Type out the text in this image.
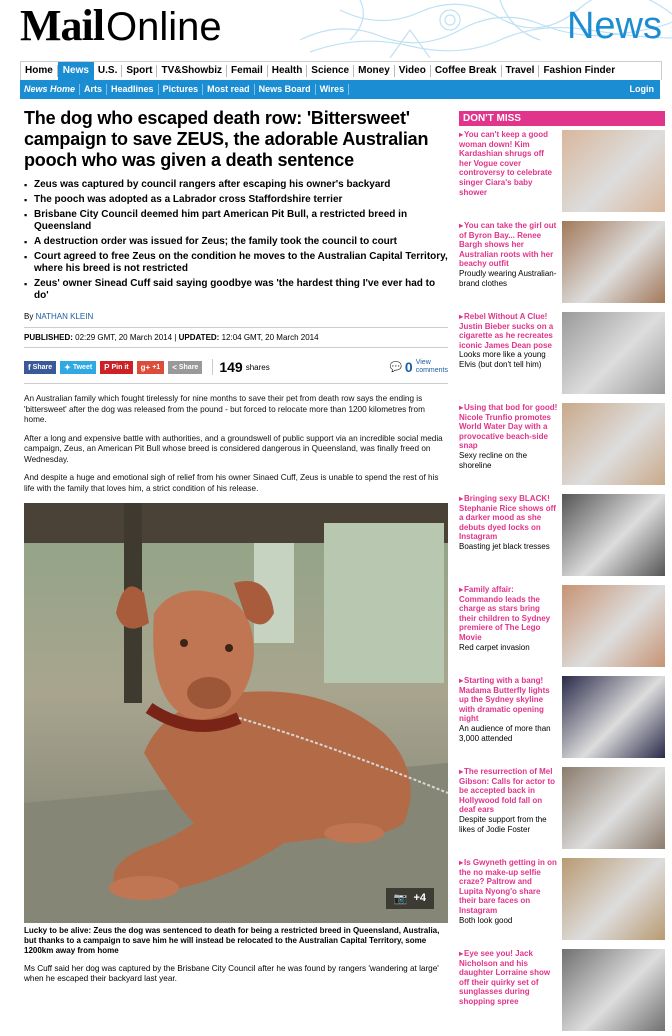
MailOnline	News
Home	News U.S. Sport TV&Showbiz Femail Health Science Money Video Coffee Break Travel Fashion Finder
News Home	Arts	Headlines	Pictures	Most read	News Board	Wires	Login
The dog who escaped death row: 'Bittersweet' campaign to save ZEUS, the adorable Australian pooch who was given a death sentence
▪ Zeus was captured by council rangers after escaping his owner's backyard
▪ The pooch was adopted as a Labrador cross Staffordshire terrier
▪ Brisbane City Council deemed him part American Pit Bull, a restricted breed in Queensland
▪ A destruction order was issued for Zeus; the family took the council to court
▪ Court agreed to free Zeus on the condition he moves to the Australian Capital Territory, where his breed is not restricted
▪ Zeus' owner Sinead Cuff said saying goodbye was 'the hardest thing I've ever had to do'
By NATHAN KLEIN
PUBLISHED: 02:29 GMT, 20 March 2014 | UPDATED: 12:04 GMT, 20 March 2014
f Share ✦ Tweet P Pin it g+ +1 < Share	149 shares	💬 0 View
comments

An Australian family which fought tirelessly for nine months to save their pet from death row says the ending is 'bittersweet' after the dog was released from the pound - but forced to relocate more than 1200 kilometres from home.

After a long and expensive battle with authorities, and a groundswell of public support via an incredible social media campaign, Zeus, an American Pit Bull whose breed is considered dangerous in Queensland, was finally freed on Wednesday.

And despite a huge and emotional sigh of relief from his owner Sinaed Cuff, Zeus is unable to spend the rest of his life with the family that loves him, a strict condition of his release.

📷 +4
Lucky to be alive: Zeus the dog was sentenced to death for being a restricted breed in Queensland, Australia, but thanks to a campaign to save him he will instead be relocated to the Australian Capital Territory, some 1200km away from home

Ms Cuff said her dog was captured by the Brisbane City Council after he was found by rangers 'wandering at large' when he escaped their backyard last year.

DON'T MISS
▸ You can't keep a good woman down! Kim Kardashian shrugs off her Vogue cover controversy to celebrate singer Ciara's baby shower
▸ You can take the girl out of Byron Bay... Renee Bargh shows her Australian roots with her beachy outfit
Proudly wearing Australian-brand clothes
▸ Rebel Without A Clue! Justin Bieber sucks on a cigarette as he recreates iconic James Dean pose
Looks more like a young Elvis (but don't tell him)
▸ Using that bod for good! Nicole Trunfio promotes World Water Day with a provocative beach-side snap
Sexy recline on the shoreline
▸ Bringing sexy BLACK! Stephanie Rice shows off a darker mood as she debuts dyed locks on Instagram
Boasting jet black tresses
▸ Family affair: Commando leads the charge as stars bring their children to Sydney premiere of The Lego Movie
Red carpet invasion
▸ Starting with a bang! Madama Butterfly lights up the Sydney skyline with dramatic opening night
An audience of more than 3,000 attended
▸ The resurrection of Mel Gibson: Calls for actor to be accepted back in Hollywood fold fall on deaf ears
Despite support from the likes of Jodie Foster
▸ Is Gwyneth getting in on the no make-up selfie craze? Paltrow and Lupita Nyong'o share their bare faces on Instagram
Both look good
▸ Eye see you! Jack Nicholson and his daughter Lorraine show off their quirky set of sunglasses during shopping spree
